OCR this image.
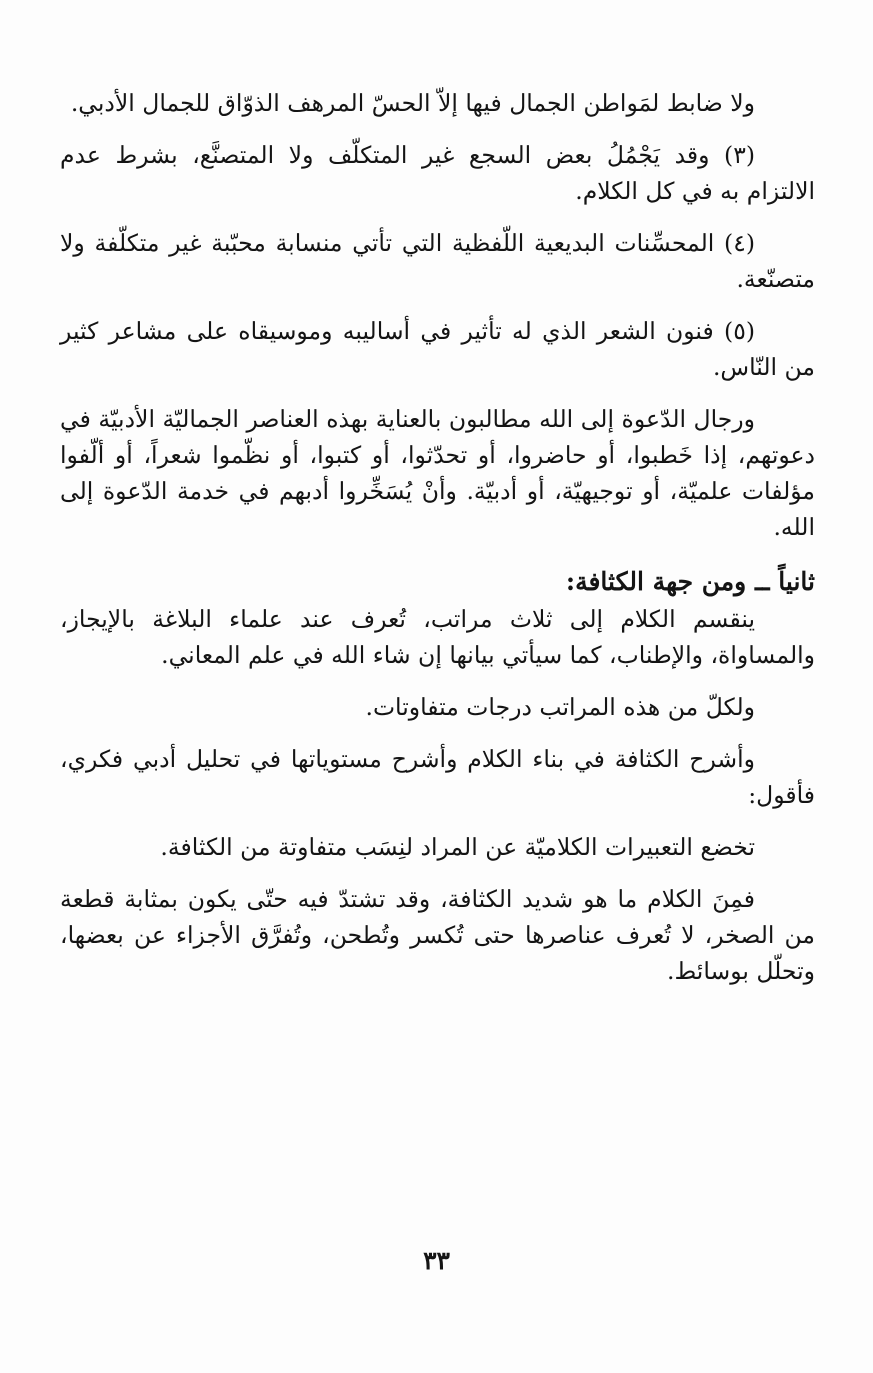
ولا ضابط لمَواطن الجمال فيها إلاّ الحسّ المرهف الذوّاق للجمال الأدبي.

(٣) وقد يَجْمُلُ بعض السجع غير المتكلّف ولا المتصنَّع، بشرط عدم الالتزام به في كل الكلام.

(٤) المحسِّنات البديعية اللّفظية التي تأتي منسابة محبّبة غير متكلّفة ولا متصنّعة.

(٥) فنون الشعر الذي له تأثير في أساليبه وموسيقاه على مشاعر كثير من النّاس.

ورجال الدّعوة إلى الله مطالبون بالعناية بهذه العناصر الجماليّة الأدبيّة في دعوتهم، إذا خَطبوا، أو حاضروا، أو تحدّثوا، أو كتبوا، أو نظّموا شعراً، أو ألّفوا مؤلفات علميّة، أو توجيهيّة، أو أدبيّة. وأنْ يُسَخِّروا أدبهم في خدمة الدّعوة إلى الله.

ثانياً ــ ومن جهة الكثافة:

ينقسم الكلام إلى ثلاث مراتب، تُعرف عند علماء البلاغة بالإيجاز، والمساواة، والإطناب، كما سيأتي بيانها إن شاء الله في علم المعاني.

ولكلّ من هذه المراتب درجات متفاوتات.

وأشرح الكثافة في بناء الكلام وأشرح مستوياتها في تحليل أدبي فكري، فأقول:

تخضع التعبيرات الكلاميّة عن المراد لنِسَب متفاوتة من الكثافة.

فمِنَ الكلام ما هو شديد الكثافة، وقد تشتدّ فيه حتّى يكون بمثابة قطعة من الصخر، لا تُعرف عناصرها حتى تُكسر وتُطحن، وتُفرَّق الأجزاء عن بعضها، وتحلّل بوسائط.

٣٣
